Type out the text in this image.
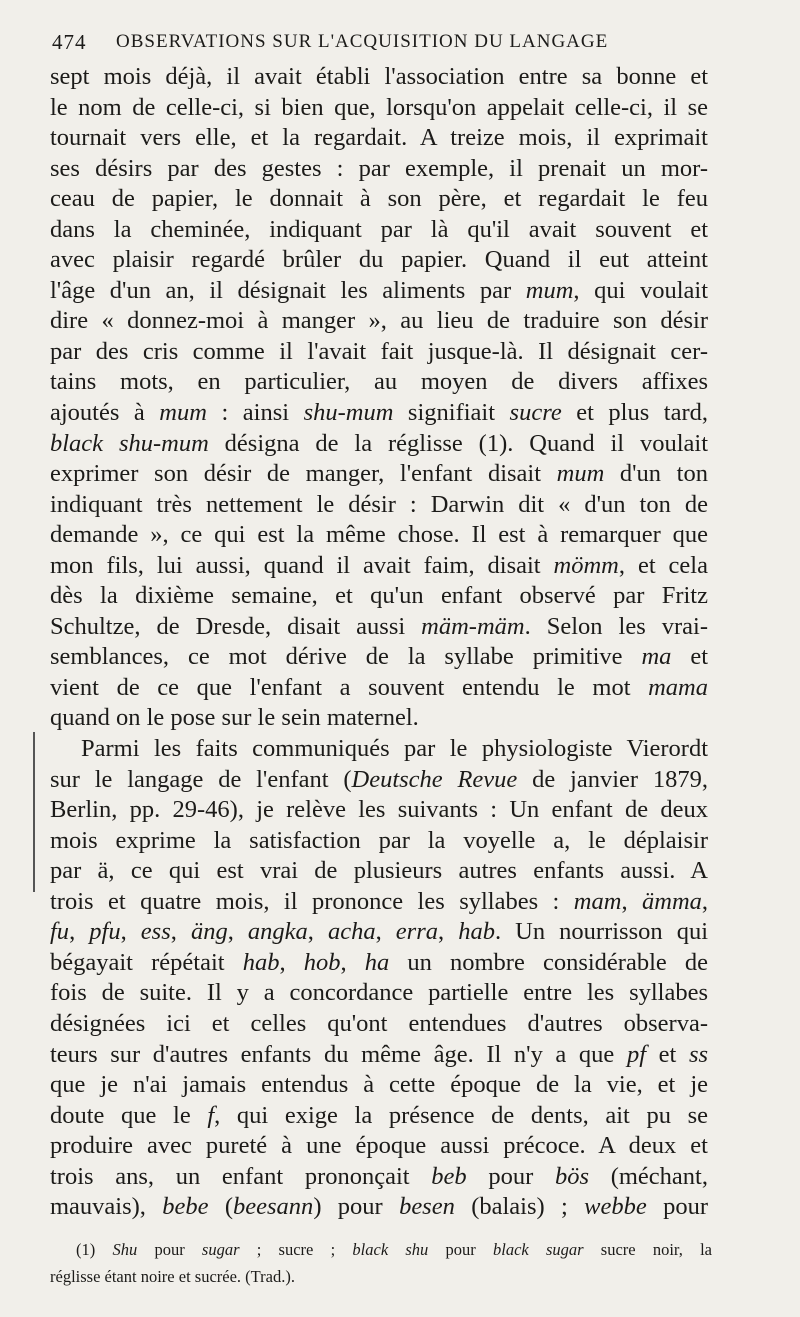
474 OBSERVATIONS SUR L'ACQUISITION DU LANGAGE
sept mois déjà, il avait établi l'association entre sa bonne et
le nom de celle-ci, si bien que, lorsqu'on appelait celle-ci, il se
tournait vers elle, et la regardait. A treize mois, il exprimait
ses désirs par des gestes : par exemple, il prenait un mor-
ceau de papier, le donnait à son père, et regardait le feu
dans la cheminée, indiquant par là qu'il avait souvent et
avec plaisir regardé brûler du papier. Quand il eut atteint
l'âge d'un an, il désignait les aliments par mum, qui voulait
dire « donnez-moi à manger », au lieu de traduire son désir
par des cris comme il l'avait fait jusque-là. Il désignait cer-
tains mots, en particulier, au moyen de divers affixes
ajoutés à mum : ainsi shu-mum signifiait sucre et plus tard,
black shu-mum désigna de la réglisse (1). Quand il voulait
exprimer son désir de manger, l'enfant disait mum d'un ton
indiquant très nettement le désir : Darwin dit « d'un ton de
demande », ce qui est la même chose. Il est à remarquer que
mon fils, lui aussi, quand il avait faim, disait mömm, et cela
dès la dixième semaine, et qu'un enfant observé par Fritz
Schultze, de Dresde, disait aussi mäm-mäm. Selon les vrai-
semblances, ce mot dérive de la syllabe primitive ma et
vient de ce que l'enfant a souvent entendu le mot mama
quand on le pose sur le sein maternel.
Parmi les faits communiqués par le physiologiste Vierordt
sur le langage de l'enfant (Deutsche Revue de janvier 1879,
Berlin, pp. 29-46), je relève les suivants : Un enfant de deux
mois exprime la satisfaction par la voyelle a, le déplaisir
par ä, ce qui est vrai de plusieurs autres enfants aussi. A
trois et quatre mois, il prononce les syllabes : mam, ämma,
fu, pfu, ess, äng, angka, acha, erra, hab. Un nourrisson qui
bégayait répétait hab, hob, ha un nombre considérable de
fois de suite. Il y a concordance partielle entre les syllabes
désignées ici et celles qu'ont entendues d'autres observa-
teurs sur d'autres enfants du même âge. Il n'y a que pf et ss
que je n'ai jamais entendus à cette époque de la vie, et je
doute que le f, qui exige la présence de dents, ait pu se
produire avec pureté à une époque aussi précoce. A deux et
trois ans, un enfant prononçait beb pour bös (méchant,
mauvais), bebe (beesann) pour besen (balais) ; webbe pour
(1) Shu pour sugar ; sucre ; black shu pour black sugar sucre noir, la
réglisse étant noire et sucrée. (Trad.).
